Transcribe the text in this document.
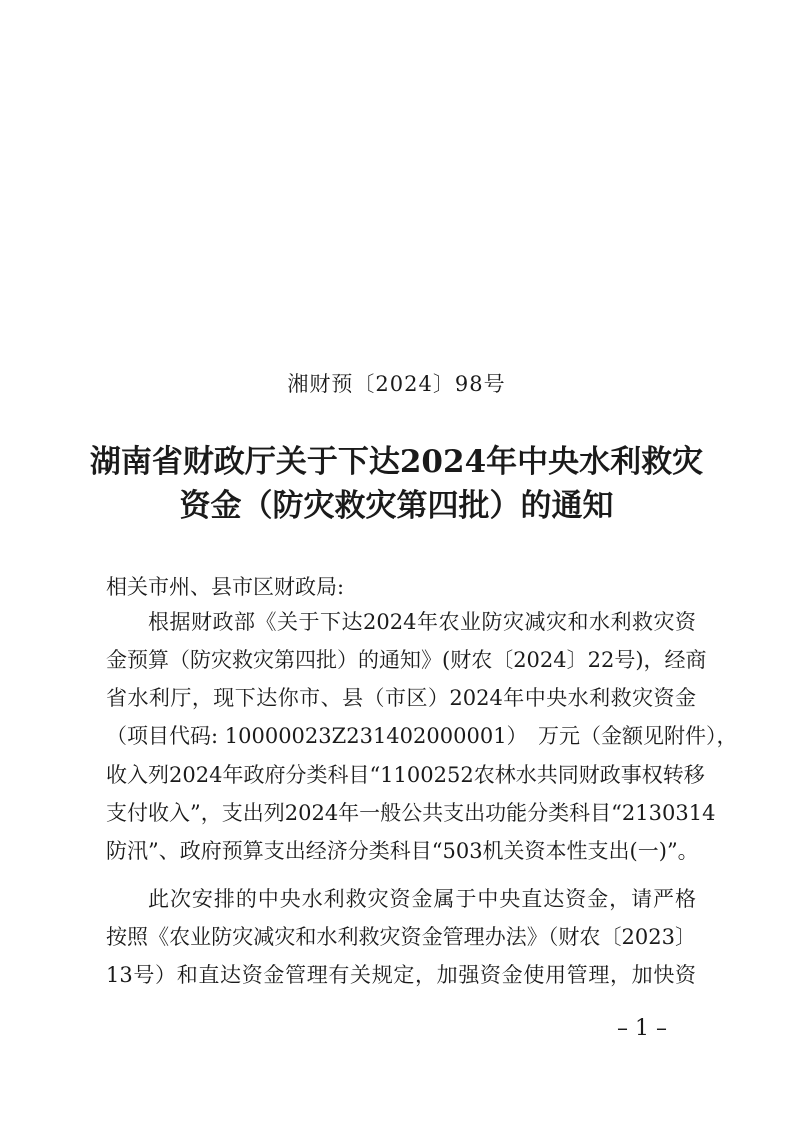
湘财预〔2024〕98号
湖南省财政厅关于下达2024年中央水利救灾
资金（防灾救灾第四批）的通知
相关市州、县市区财政局:
根据财政部《关于下达2024年农业防灾减灾和水利救灾资
金预算（防灾救灾第四批）的通知》(财农〔2024〕22号)，经商
省水利厅，现下达你市、县（市区）2024年中央水利救灾资金
（项目代码: 10000023Z231402000001）　万元（金额见附件），
收入列2024年政府分类科目“1100252农林水共同财政事权转移
支付收入”，支出列2024年一般公共支出功能分类科目“2130314
防汛”、政府预算支出经济分类科目“503机关资本性支出(一)”。
此次安排的中央水利救灾资金属于中央直达资金，请严格
按照《农业防灾减灾和水利救灾资金管理办法》（财农〔2023〕
13号）和直达资金管理有关规定，加强资金使用管理，加快资
– 1 –
